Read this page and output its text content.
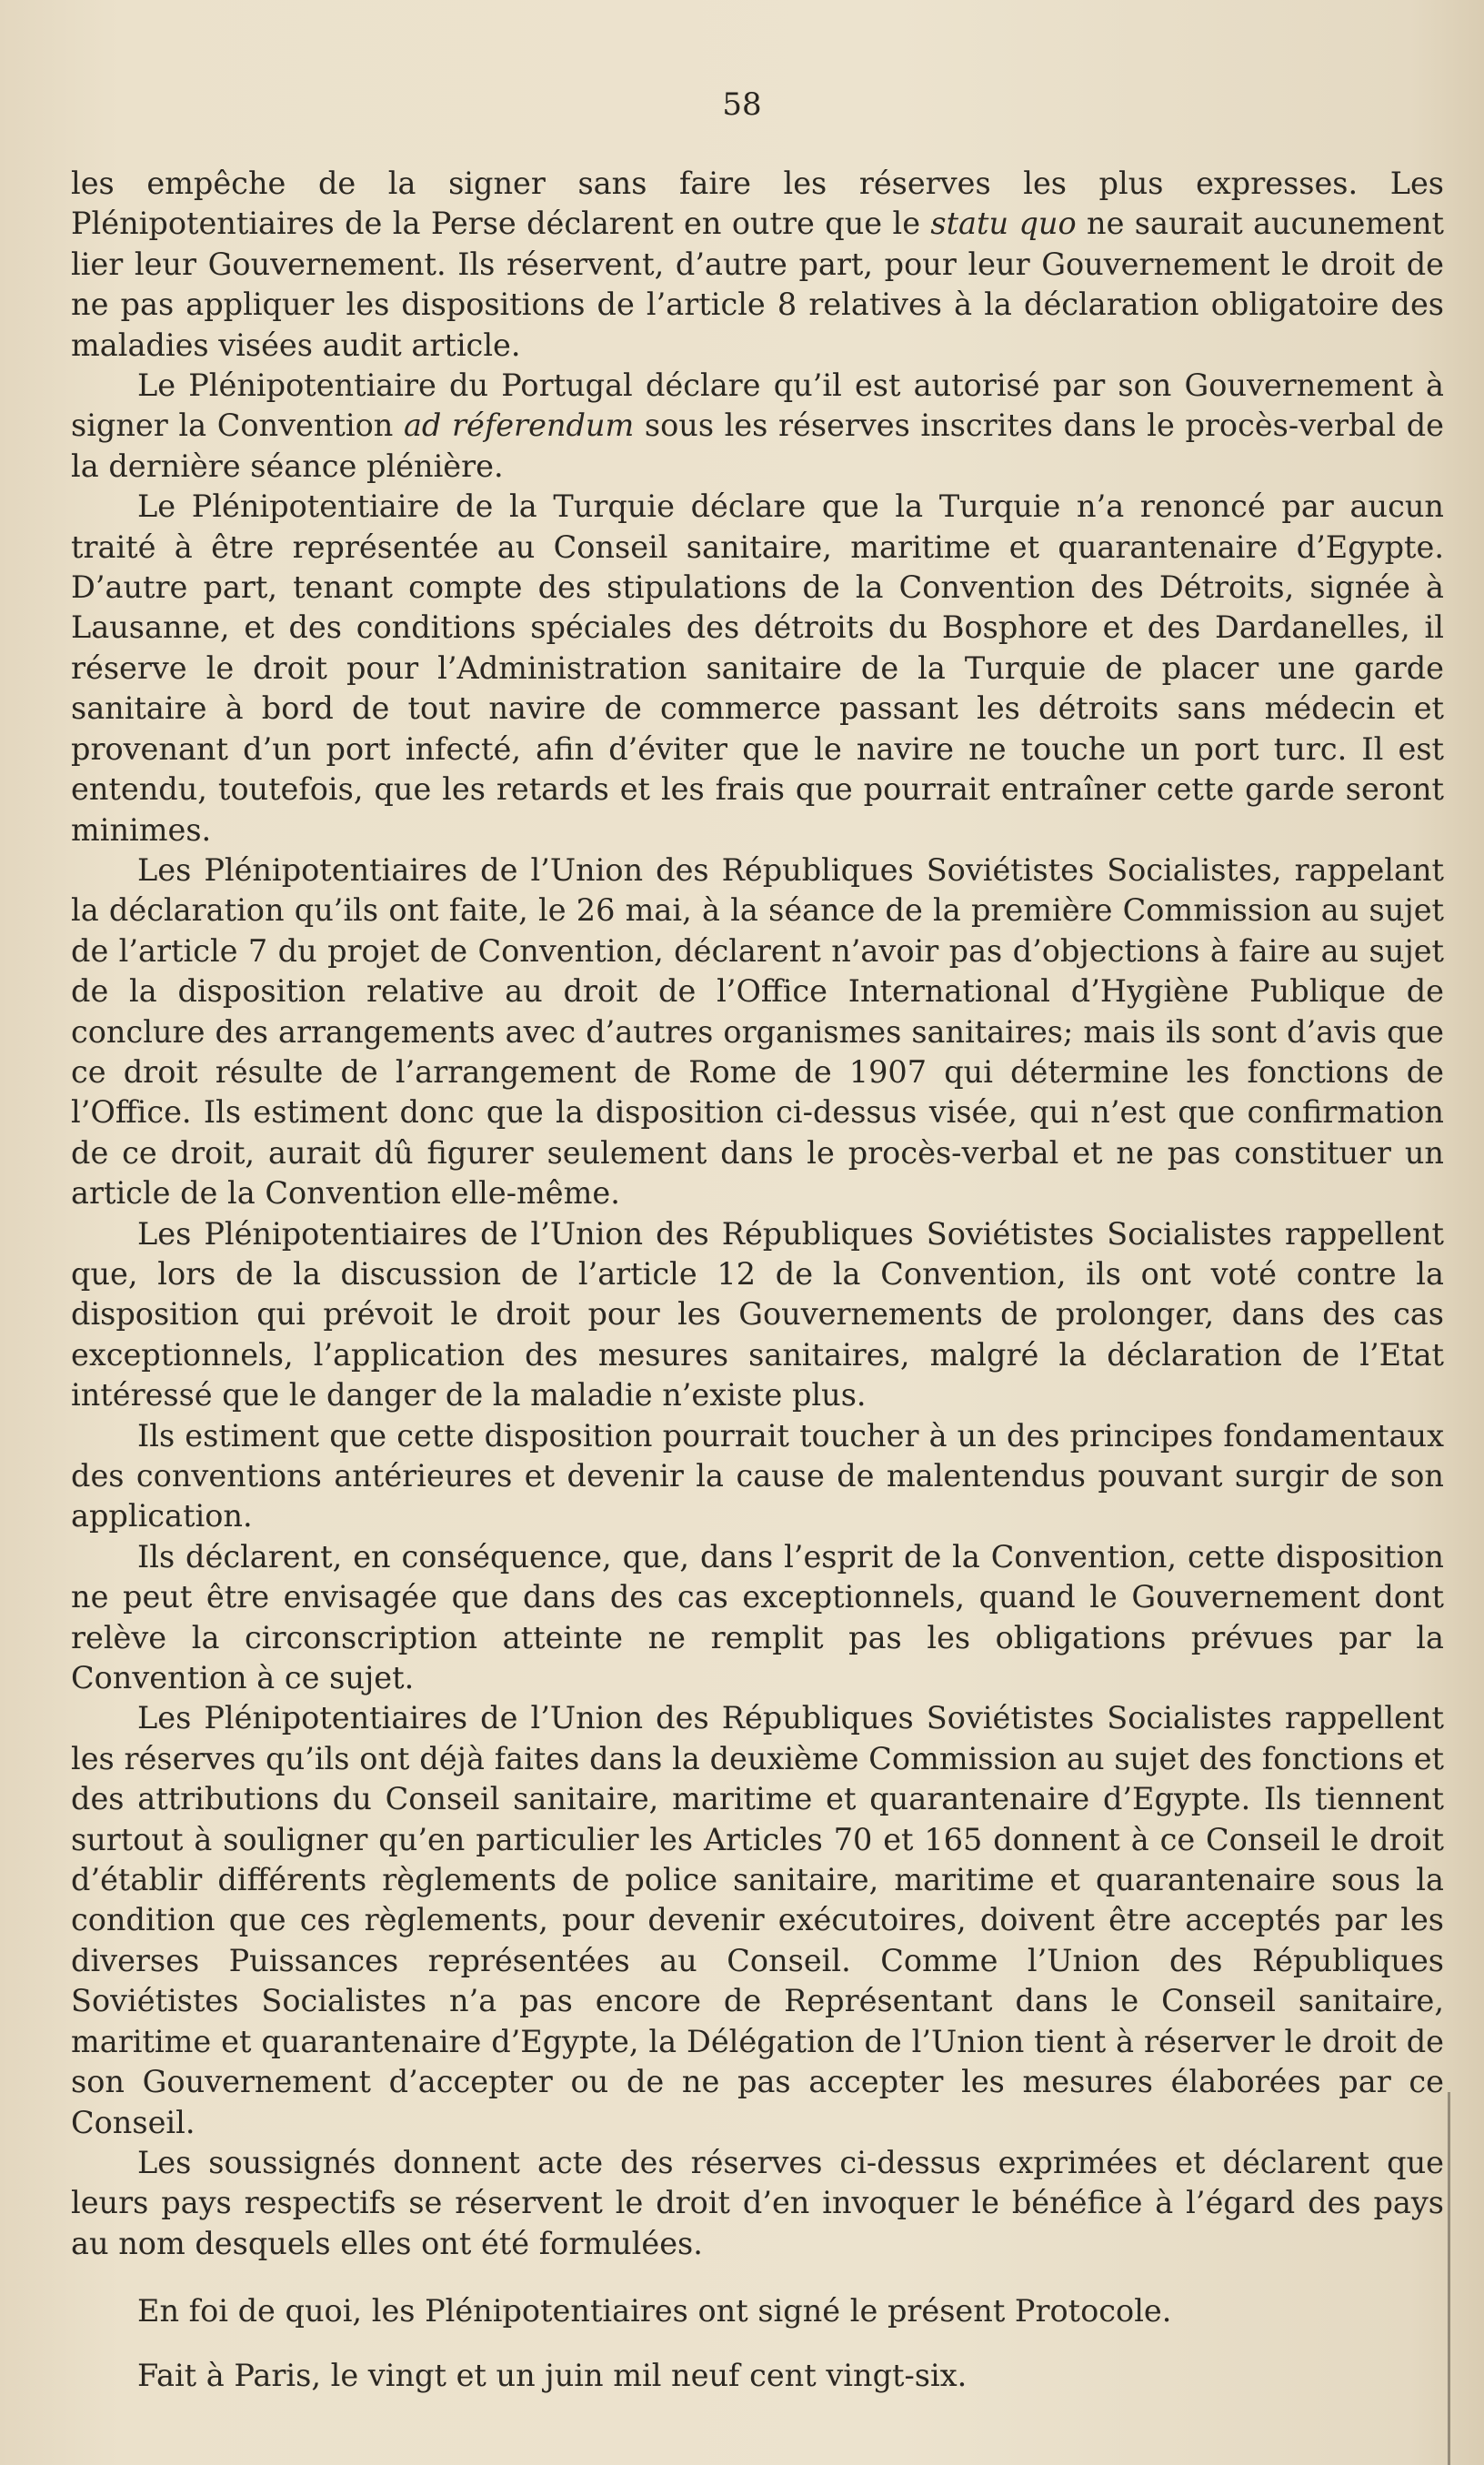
58

les empêche de la signer sans faire les réserves les plus expresses. Les Plénipotentiaires de la Perse déclarent en outre que le statu quo ne saurait aucunement lier leur Gouvernement. Ils réservent, d’autre part, pour leur Gouvernement le droit de ne pas appliquer les dispositions de l’article 8 relatives à la déclaration obligatoire des maladies visées audit article.

Le Plénipotentiaire du Portugal déclare qu’il est autorisé par son Gouvernement à signer la Convention ad réferendum sous les réserves inscrites dans le procès-verbal de la dernière séance plénière.

Le Plénipotentiaire de la Turquie déclare que la Turquie n’a renoncé par aucun traité à être représentée au Conseil sanitaire, maritime et quarantenaire d’Egypte. D’autre part, tenant compte des stipulations de la Convention des Détroits, signée à Lausanne, et des conditions spéciales des détroits du Bosphore et des Dardanelles, il réserve le droit pour l’Administration sanitaire de la Turquie de placer une garde sanitaire à bord de tout navire de commerce passant les détroits sans médecin et provenant d’un port infecté, afin d’éviter que le navire ne touche un port turc. Il est entendu, toutefois, que les retards et les frais que pourrait entraîner cette garde seront minimes.

Les Plénipotentiaires de l’Union des Républiques Soviétistes Socialistes, rappelant la déclaration qu’ils ont faite, le 26 mai, à la séance de la première Commission au sujet de l’article 7 du projet de Convention, déclarent n’avoir pas d’objections à faire au sujet de la disposition relative au droit de l’Office International d’Hygiène Publique de conclure des arrangements avec d’autres organismes sanitaires; mais ils sont d’avis que ce droit résulte de l’arrangement de Rome de 1907 qui détermine les fonctions de l’Office. Ils estiment donc que la disposition ci-dessus visée, qui n’est que confirmation de ce droit, aurait dû figurer seulement dans le procès-verbal et ne pas constituer un article de la Convention elle-même.

Les Plénipotentiaires de l’Union des Républiques Soviétistes Socialistes rappellent que, lors de la discussion de l’article 12 de la Convention, ils ont voté contre la disposition qui prévoit le droit pour les Gouvernements de prolonger, dans des cas exceptionnels, l’application des mesures sanitaires, malgré la déclaration de l’Etat intéressé que le danger de la maladie n’existe plus.

Ils estiment que cette disposition pourrait toucher à un des principes fondamentaux des conventions antérieures et devenir la cause de malentendus pouvant surgir de son application.

Ils déclarent, en conséquence, que, dans l’esprit de la Convention, cette disposition ne peut être envisagée que dans des cas exceptionnels, quand le Gouvernement dont relève la circonscription atteinte ne remplit pas les obligations prévues par la Convention à ce sujet.

Les Plénipotentiaires de l’Union des Républiques Soviétistes Socialistes rappellent les réserves qu’ils ont déjà faites dans la deuxième Commission au sujet des fonctions et des attributions du Conseil sanitaire, maritime et quarantenaire d’Egypte. Ils tiennent surtout à souligner qu’en particulier les Articles 70 et 165 donnent à ce Conseil le droit d’établir différents règlements de police sanitaire, maritime et quarantenaire sous la condition que ces règlements, pour devenir exécutoires, doivent être acceptés par les diverses Puissances représentées au Conseil. Comme l’Union des Républiques Soviétistes Socialistes n’a pas encore de Représentant dans le Conseil sanitaire, maritime et quarantenaire d’Egypte, la Délégation de l’Union tient à réserver le droit de son Gouvernement d’accepter ou de ne pas accepter les mesures élaborées par ce Conseil.

Les soussignés donnent acte des réserves ci-dessus exprimées et déclarent que leurs pays respectifs se réservent le droit d’en invoquer le bénéfice à l’égard des pays au nom desquels elles ont été formulées.

En foi de quoi, les Plénipotentiaires ont signé le présent Protocole.

Fait à Paris, le vingt et un juin mil neuf cent vingt-six.
